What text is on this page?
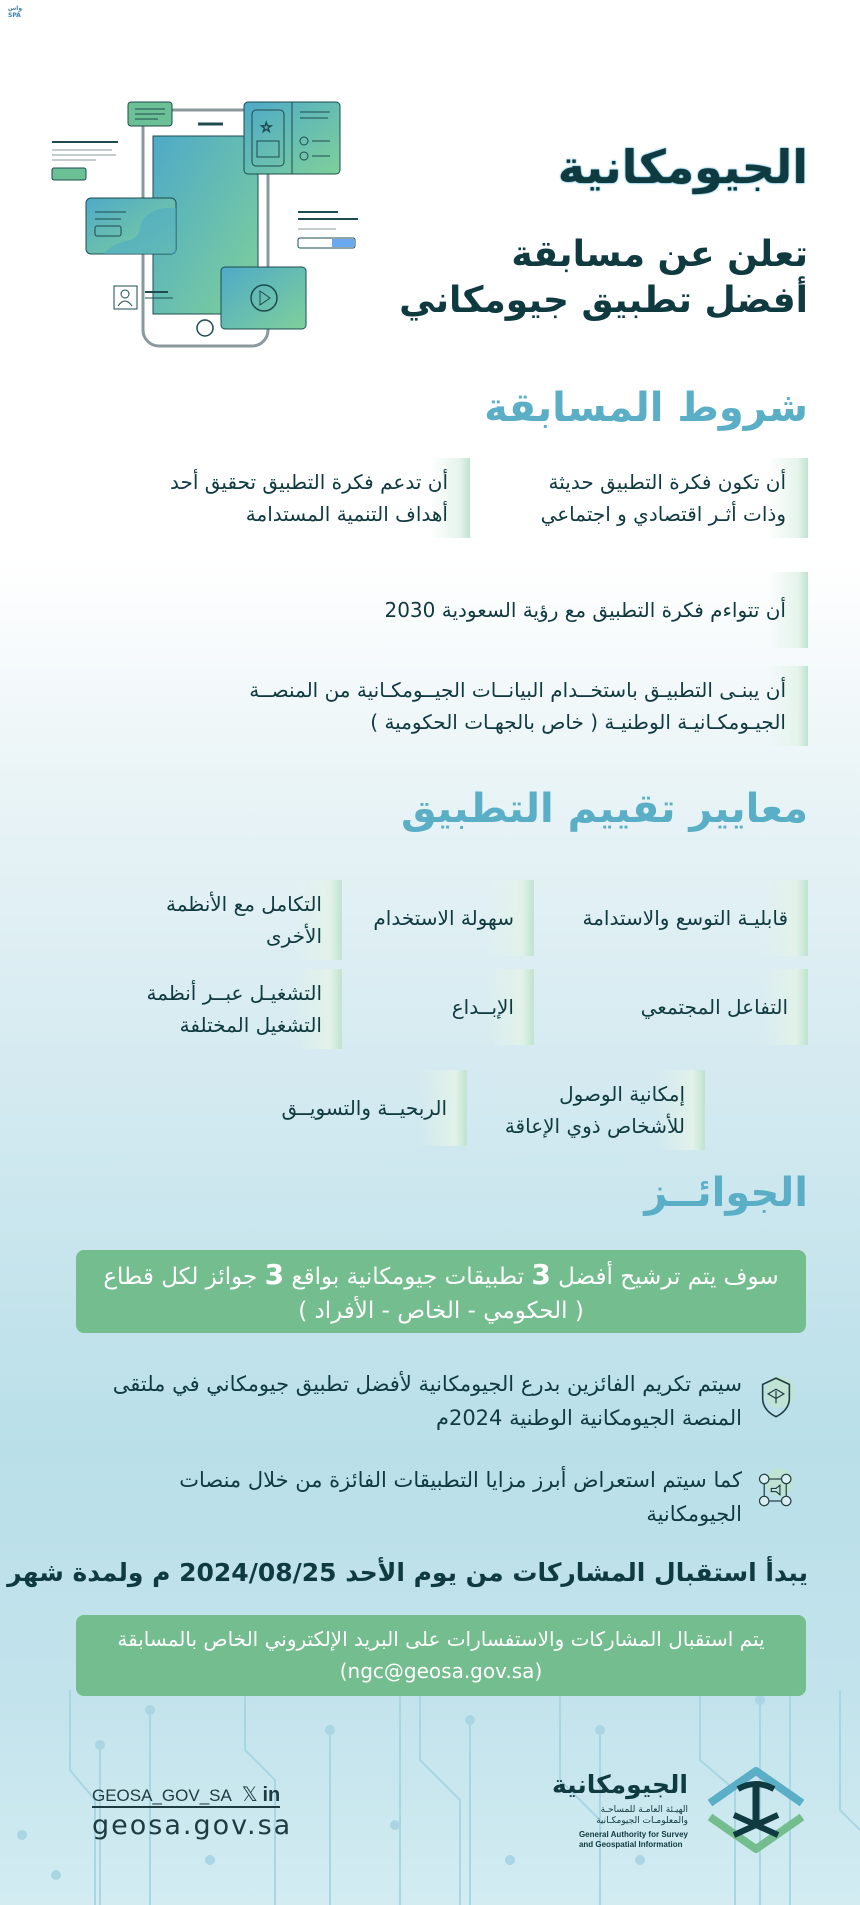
واس SPA
☆
الجيومكانية
تعلن عن مسابقة
أفضل تطبيق جيومكاني
شروط المسابقة
أن تكون فكرة التطبيق حديثة
وذات أثـر اقتصادي و اجتماعي
أن تدعم فكرة التطبيق تحقيق أحد
أهداف التنمية المستدامة
أن تتواءم فكرة التطبيق مع رؤية السعودية 2030
أن يبنـى التطبيـق باستخــدام البيانــات الجيــومكـانية من المنصــة
الجيـومكـانيـة الوطنيـة ( خاص بالجهـات الحكومية )
معايير تقييم التطبيق
قابليـة التوسع والاستدامة
سهولة الاستخدام
التكامل مع الأنظمة
الأخرى
التفاعل المجتمعي
الإبــداع
التشغيـل عبــر أنظمة
التشغيل المختلفة
إمكانية الوصول
للأشخاص ذوي الإعاقة
الربحيــة والتسويــق
الجوائــز
سوف يتم ترشيح أفضل 3 تطبيقات جيومكانية بواقع 3 جوائز لكل قطاع
( الحكومي - الخاص - الأفراد )
سيتم تكريم الفائزين بدرع الجيومكانية لأفضل تطبيق جيومكاني في ملتقى
المنصة الجيومكانية الوطنية 2024م
كما سيتم استعراض أبرز مزايا التطبيقات الفائزة من خلال منصات
الجيومكانية
يبدأ استقبال المشاركات من يوم الأحد 2024/08/25 م ولمدة شهر
يتم استقبال المشاركات والاستفسارات على البريد الإلكتروني الخاص بالمسابقة
(ngc@geosa.gov.sa)
GEOSA_GOV_SA 𝕏 in
geosa.gov.sa
الجيومكانية
الهيـئة العامـة للمساحـة
والمعلومـات الجيومكـانية
General Authority for Survey
and Geospatial Information
